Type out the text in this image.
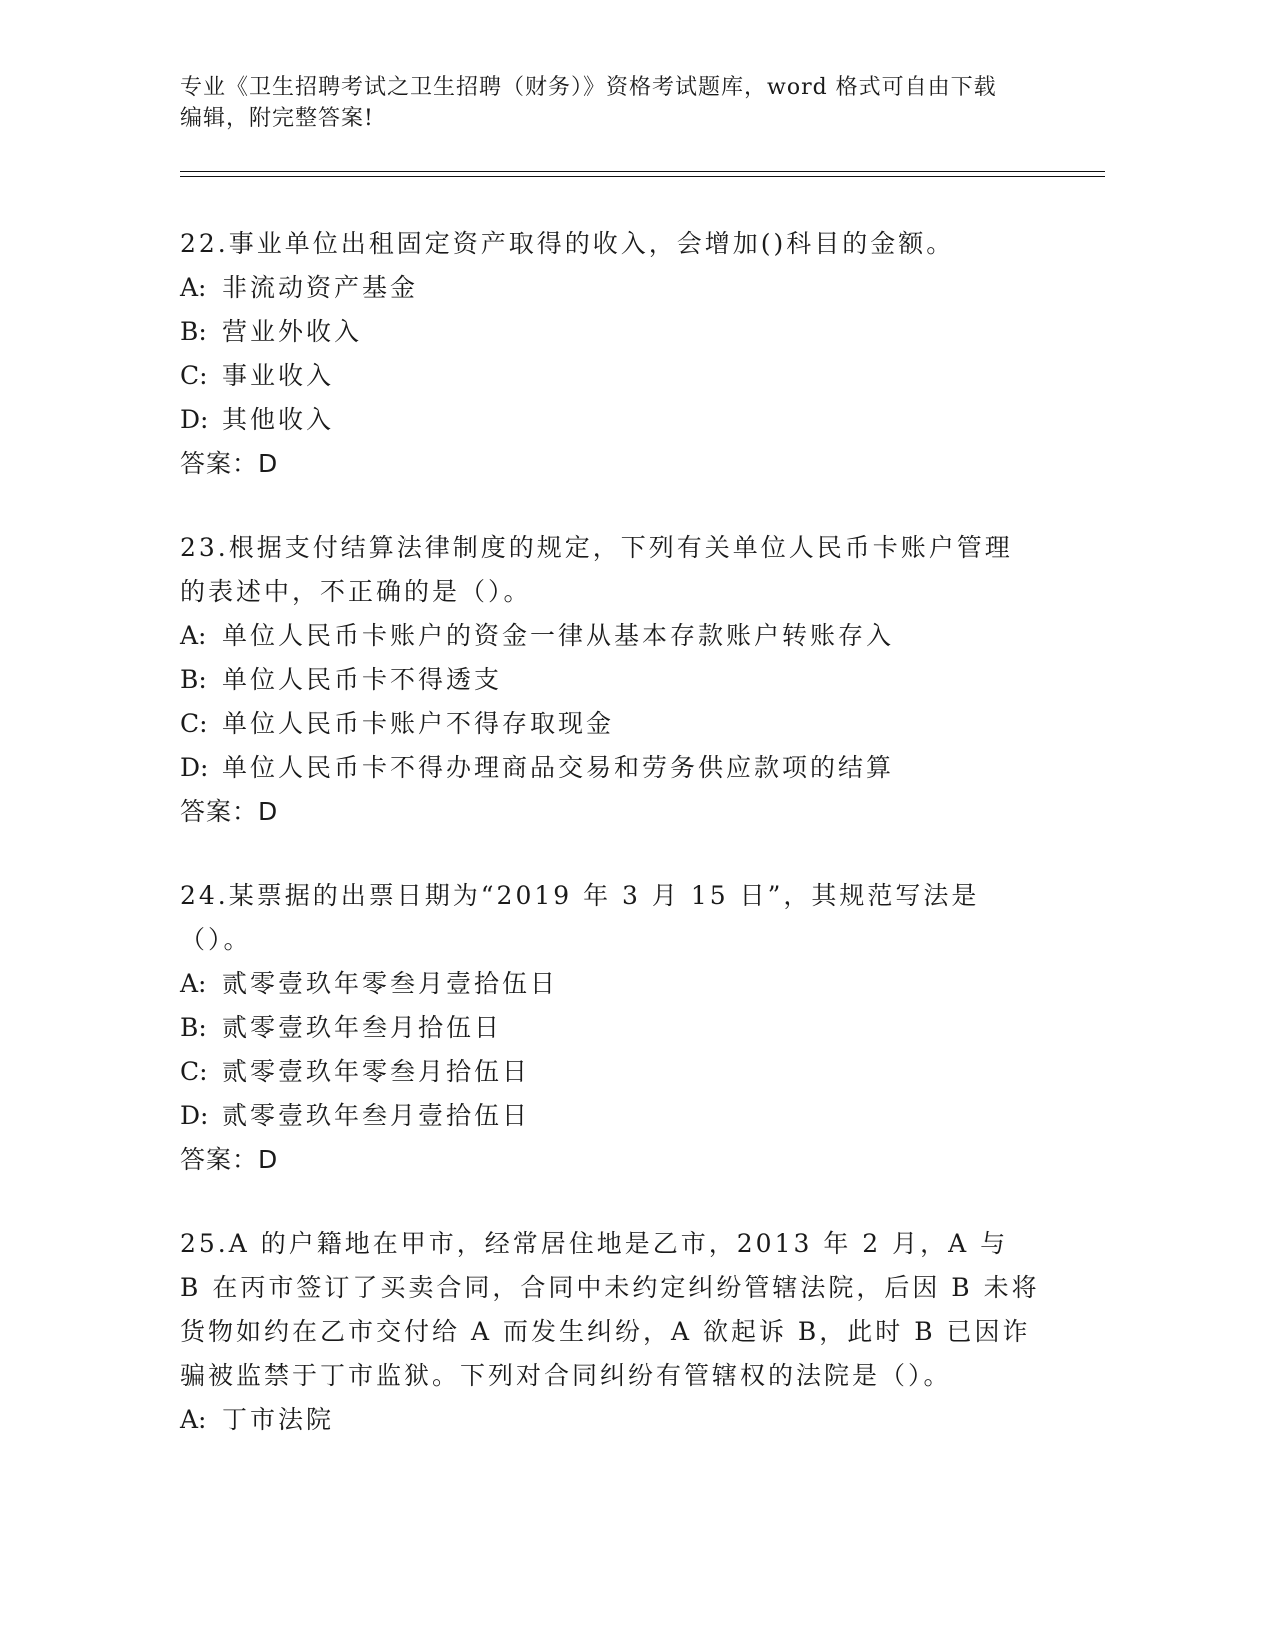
专业《卫生招聘考试之卫生招聘（财务）》资格考试题库，word 格式可自由下载
编辑，附完整答案!

22.事业单位出租固定资产取得的收入，会增加()科目的金额。

A: 非流动资产基金
B: 营业外收入
C: 事业收入
D: 其他收入
答案：D

23.根据支付结算法律制度的规定，下列有关单位人民币卡账户管理的表述中，不正确的是（）。

A: 单位人民币卡账户的资金一律从基本存款账户转账存入
B: 单位人民币卡不得透支
C: 单位人民币卡账户不得存取现金
D: 单位人民币卡不得办理商品交易和劳务供应款项的结算
答案：D

24.某票据的出票日期为“2019 年 3 月 15 日”，其规范写法是（）。

A: 贰零壹玖年零叁月壹拾伍日
B: 贰零壹玖年叁月拾伍日
C: 贰零壹玖年零叁月拾伍日
D: 贰零壹玖年叁月壹拾伍日
答案：D

25.A 的户籍地在甲市，经常居住地是乙市，2013 年 2 月，A 与 B 在丙市签订了买卖合同，合同中未约定纠纷管辖法院，后因 B 未将货物如约在乙市交付给 A 而发生纠纷，A 欲起诉 B，此时 B 已因诈骗被监禁于丁市监狱。下列对合同纠纷有管辖权的法院是（）。

A: 丁市法院
